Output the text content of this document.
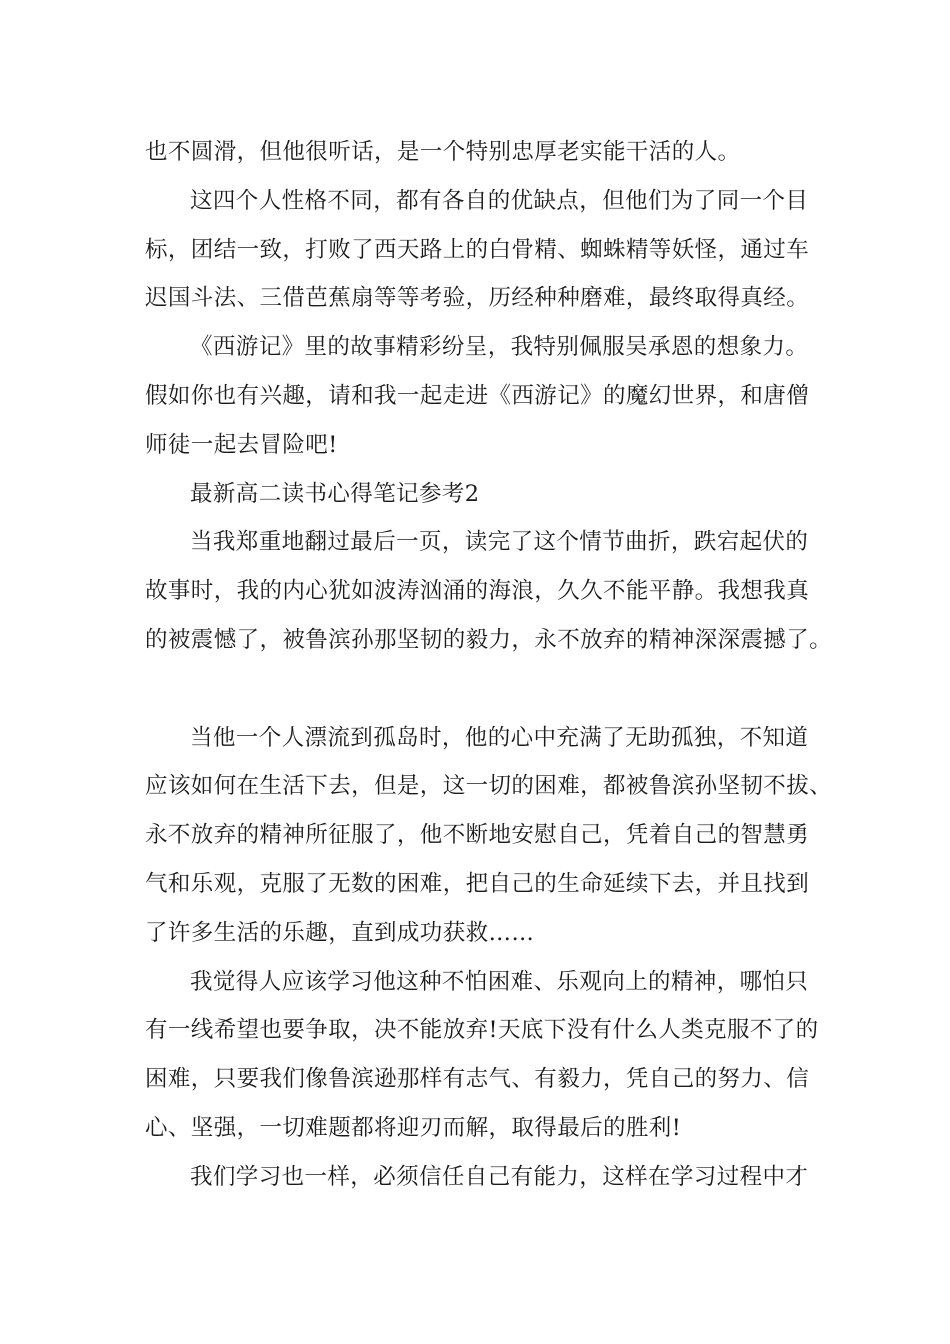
也不圆滑，但他很听话，是一个特别忠厚老实能干活的人。
这四个人性格不同，都有各自的优缺点，但他们为了同一个目
标，团结一致，打败了西天路上的白骨精、蜘蛛精等妖怪，通过车
迟国斗法、三借芭蕉扇等等考验，历经种种磨难，最终取得真经。
《西游记》里的故事精彩纷呈，我特别佩服吴承恩的想象力。
假如你也有兴趣，请和我一起走进《西游记》的魔幻世界，和唐僧
师徒一起去冒险吧!
最新高二读书心得笔记参考2
当我郑重地翻过最后一页，读完了这个情节曲折，跌宕起伏的
故事时，我的内心犹如波涛汹涌的海浪，久久不能平静。我想我真
的被震憾了，被鲁滨孙那坚韧的毅力，永不放弃的精神深深震撼了。
当他一个人漂流到孤岛时，他的心中充满了无助孤独，不知道
应该如何在生活下去，但是，这一切的困难，都被鲁滨孙坚韧不拔、
永不放弃的精神所征服了，他不断地安慰自己，凭着自己的智慧勇
气和乐观，克服了无数的困难，把自己的生命延续下去，并且找到
了许多生活的乐趣，直到成功获救……
我觉得人应该学习他这种不怕困难、乐观向上的精神，哪怕只
有一线希望也要争取，决不能放弃!天底下没有什么人类克服不了的
困难，只要我们像鲁滨逊那样有志气、有毅力，凭自己的努力、信
心、坚强，一切难题都将迎刃而解，取得最后的胜利!
我们学习也一样，必须信任自己有能力，这样在学习过程中才
